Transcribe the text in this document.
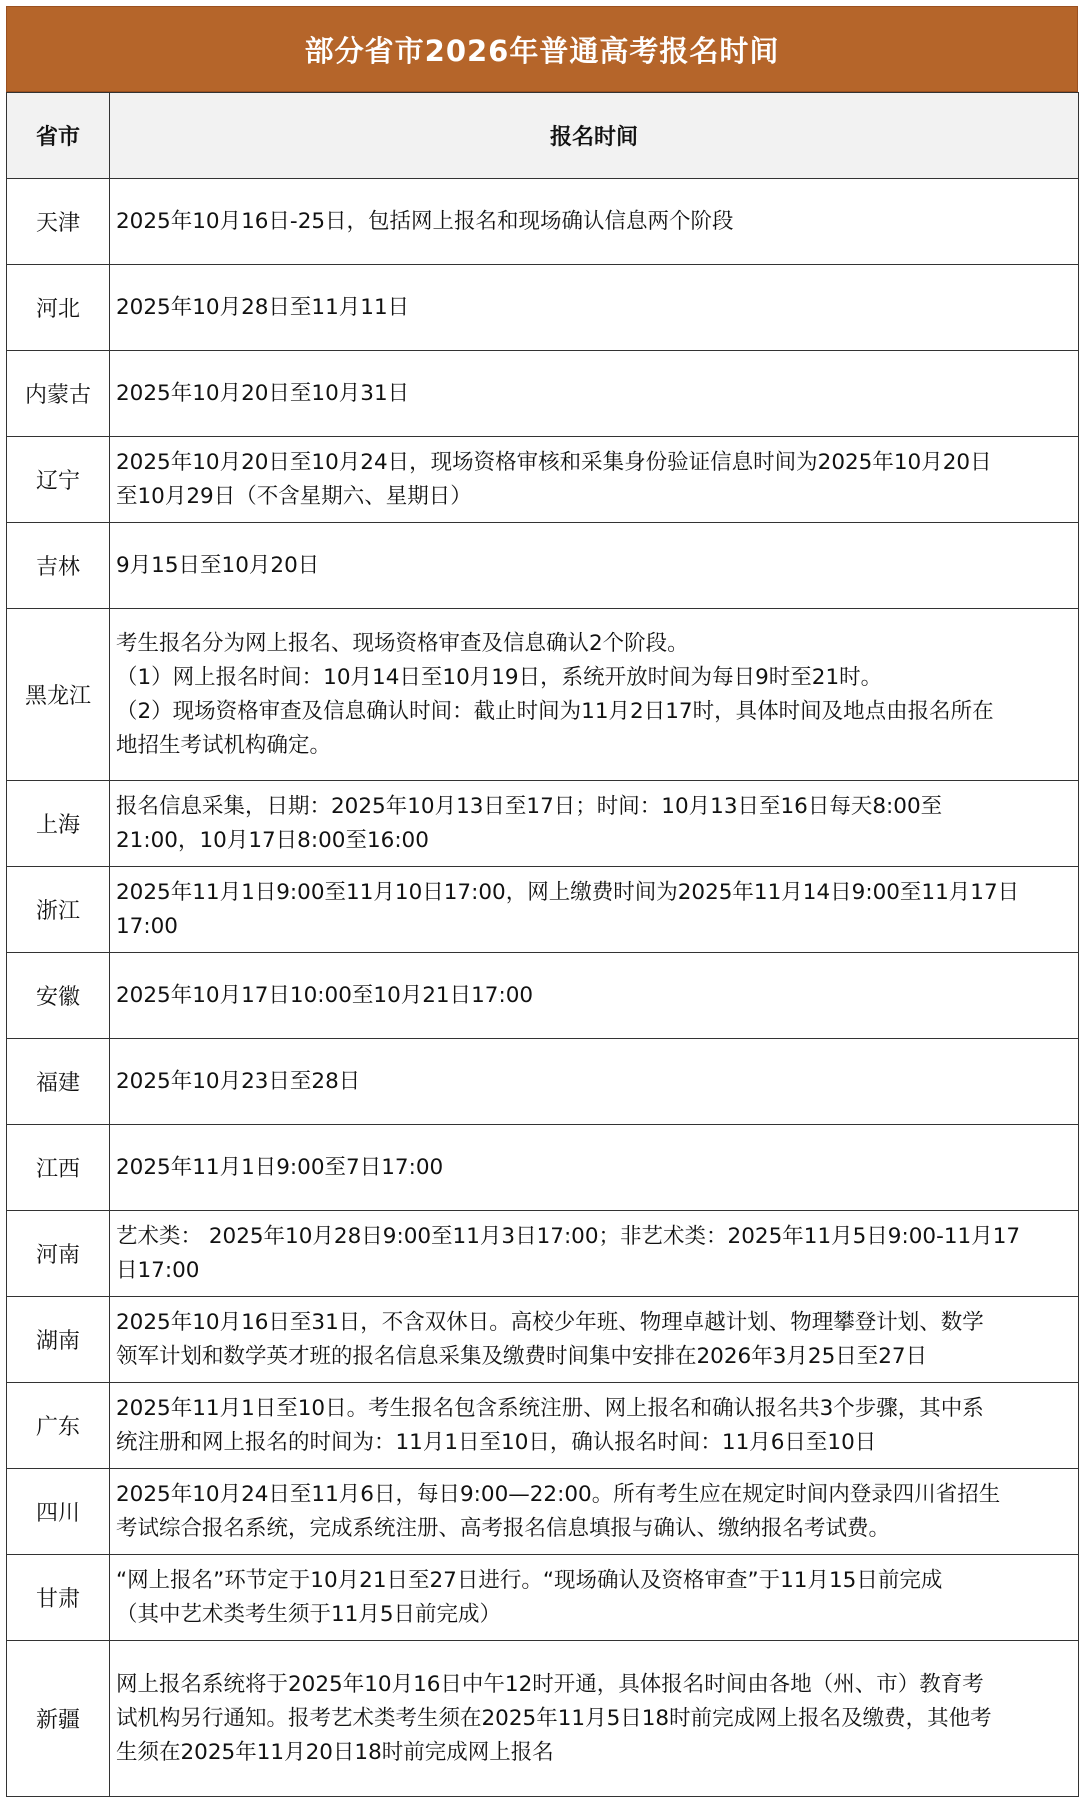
部分省市2026年普通高考报名时间
省市	报名时间
天津	2025年10月16日-25日，包括网上报名和现场确认信息两个阶段

河北	2025年10月28日至11月11日

内蒙古	2025年10月20日至10月31日

辽宁	2025年10月20日至10月24日，现场资格审核和采集身份验证信息时间为2025年10月20日
至10月29日（不含星期六、星期日）

吉林	9月15日至10月20日

黑龙江	考生报名分为网上报名、现场资格审查及信息确认2个阶段。
（1）网上报名时间：10月14日至10月19日，系统开放时间为每日9时至21时。
（2）现场资格审查及信息确认时间：截止时间为11月2日17时，具体时间及地点由报名所在
地招生考试机构确定。

上海	报名信息采集，日期：2025年10月13日至17日；时间：10月13日至16日每天8:00至
21:00，10月17日8:00至16:00

浙江	2025年11月1日9:00至11月10日17:00，网上缴费时间为2025年11月14日9:00至11月17日
17:00

安徽	2025年10月17日10:00至10月21日17:00

福建	2025年10月23日至28日

江西	2025年11月1日9:00至7日17:00

河南	艺术类： 2025年10月28日9:00至11月3日17:00；非艺术类：2025年11月5日9:00-11月17
日17:00

湖南	2025年10月16日至31日，不含双休日。高校少年班、物理卓越计划、物理攀登计划、数学
领军计划和数学英才班的报名信息采集及缴费时间集中安排在2026年3月25日至27日

广东	2025年11月1日至10日。考生报名包含系统注册、网上报名和确认报名共3个步骤，其中系
统注册和网上报名的时间为：11月1日至10日，确认报名时间：11月6日至10日

四川	2025年10月24日至11月6日，每日9:00—22:00。所有考生应在规定时间内登录四川省招生
考试综合报名系统，完成系统注册、高考报名信息填报与确认、缴纳报名考试费。

甘肃	“网上报名”环节定于10月21日至27日进行。“现场确认及资格审查”于11月15日前完成
（其中艺术类考生须于11月5日前完成）

新疆	网上报名系统将于2025年10月16日中午12时开通，具体报名时间由各地（州、市）教育考
试机构另行通知。报考艺术类考生须在2025年11月5日18时前完成网上报名及缴费，其他考
生须在2025年11月20日18时前完成网上报名
